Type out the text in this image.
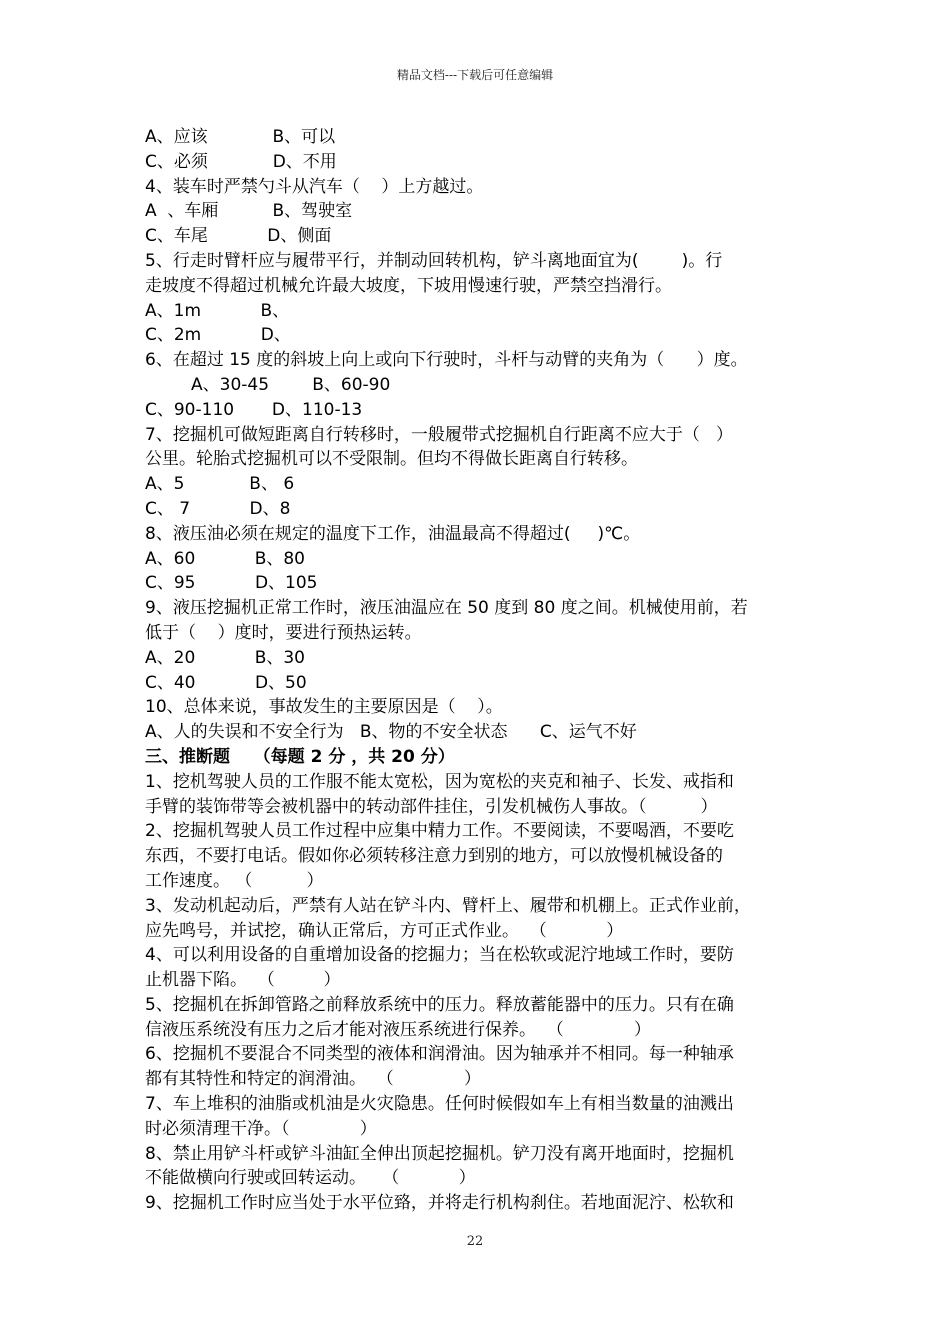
精品文档---下载后可任意编辑
A、应该            B、可以
C、必须            D、不用
4、装车时严禁勺斗从汽车（    ）上方越过。
A  、车厢          B、驾驶室
C、车尾           D、侧面
5、行走时臂杆应与履带平行，并制动回转机构，铲斗离地面宜为(        )。行
走坡度不得超过机械允许最大坡度，下坡用慢速行驶，严禁空挡滑行。
A、1m           B、
C、2m           D、
6、在超过 15 度的斜坡上向上或向下行驶时，斗杆与动臂的夹角为（      ）度。
A、30-45        B、60-90
C、90-110       D、110-13
7、挖掘机可做短距离自行转移时，一般履带式挖掘机自行距离不应大于（   ）
公里。轮胎式挖掘机可以不受限制。但均不得做长距离自行转移。
A、5            B、 6
C、 7           D、8
8、液压油必须在规定的温度下工作，油温最高不得超过(     )℃。
A、60           B、80
C、95           D、105
9、液压挖掘机正常工作时，液压油温应在 50 度到 80 度之间。机械使用前，若
低于（    ）度时，要进行预热运转。
A、20           B、30
C、40           D、50
10、总体来说，事故发生的主要原因是（    ）。
A、人的失误和不安全行为   B、物的不安全状态      C、运气不好
三、推断题    （每题 2 分 ，共 20 分）
1、挖机驾驶人员的工作服不能太宽松，因为宽松的夹克和袖子、长发、戒指和
手臂的装饰带等会被机器中的转动部件挂住，引发机械伤人事故。（          ）
2、挖掘机驾驶人员工作过程中应集中精力工作。不要阅读，不要喝酒，不要吃
东西，不要打电话。假如你必须转移注意力到别的地方，可以放慢机械设备的
工作速度。 （          ）
3、发动机起动后，严禁有人站在铲斗内、臂杆上、履带和机棚上。正式作业前，
应先鸣号，并试挖，确认正常后，方可正式作业。  （           ）
4、可以利用设备的自重增加设备的挖掘力；当在松软或泥泞地域工作时，要防
止机器下陷。  （         ）
5、挖掘机在拆卸管路之前释放系统中的压力。释放蓄能器中的压力。只有在确
信液压系统没有压力之后才能对液压系统进行保养。  （             ）
6、挖掘机不要混合不同类型的液体和润滑油。因为轴承并不相同。每一种轴承
都有其特性和特定的润滑油。  （             ）
7、车上堆积的油脂或机油是火灾隐患。任何时候假如车上有相当数量的油溅出
时必须清理干净。（             ）
8、禁止用铲斗杆或铲斗油缸全伸出顶起挖掘机。铲刀没有离开地面时，挖掘机
不能做横向行驶或回转运动。   （           ）
9、挖掘机工作时应当处于水平位臵，并将走行机构刹住。若地面泥泞、松软和
22
